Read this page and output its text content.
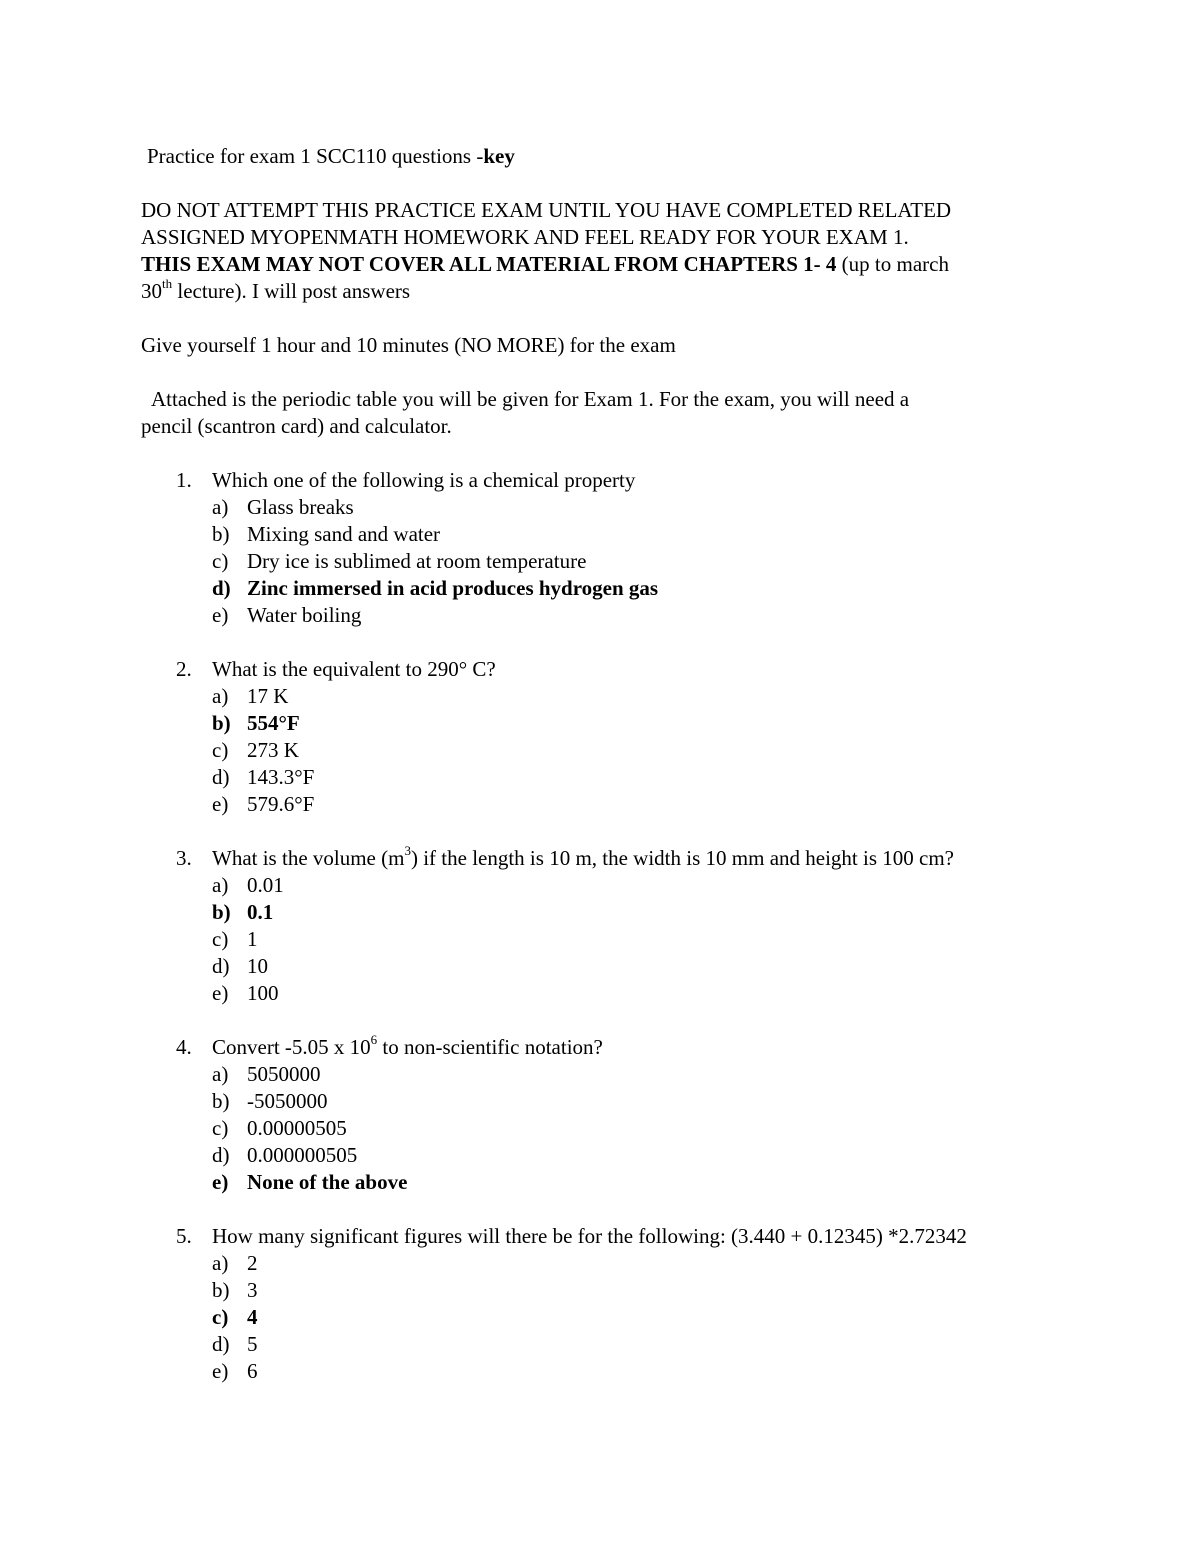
Practice for exam 1 SCC110 questions -key
DO NOT ATTEMPT THIS PRACTICE EXAM UNTIL YOU HAVE COMPLETED RELATED
ASSIGNED MYOPENMATH HOMEWORK AND FEEL READY FOR YOUR EXAM 1.
THIS EXAM MAY NOT COVER ALL MATERIAL FROM CHAPTERS 1- 4 (up to march
30th lecture). I will post answers
Give yourself 1 hour and 10 minutes (NO MORE) for the exam
Attached is the periodic table you will be given for Exam 1. For the exam, you will need a
pencil (scantron card) and calculator.
1. Which one of the following is a chemical property
a) Glass breaks
b) Mixing sand and water
c) Dry ice is sublimed at room temperature
d) Zinc immersed in acid produces hydrogen gas
e) Water boiling
2. What is the equivalent to 290° C?
a) 17 K
b) 554°F
c) 273 K
d) 143.3°F
e) 579.6°F
3. What is the volume $(m^3)$ if the length is 10 m, the width is 10 mm and height is 100 cm?
a) 0.01
b) 0.1
c) 1
d) 10
e) 100
4. Convert -5.05 x $10^6$ to non-scientific notation?
a) 5050000
b) -5050000
c) 0.00000505
d) 0.000000505
e) None of the above
5. How many significant figures will there be for the following: (3.440 + 0.12345) *2.72342
a) 2
b) 3
c) 4
d) 5
e) 6
